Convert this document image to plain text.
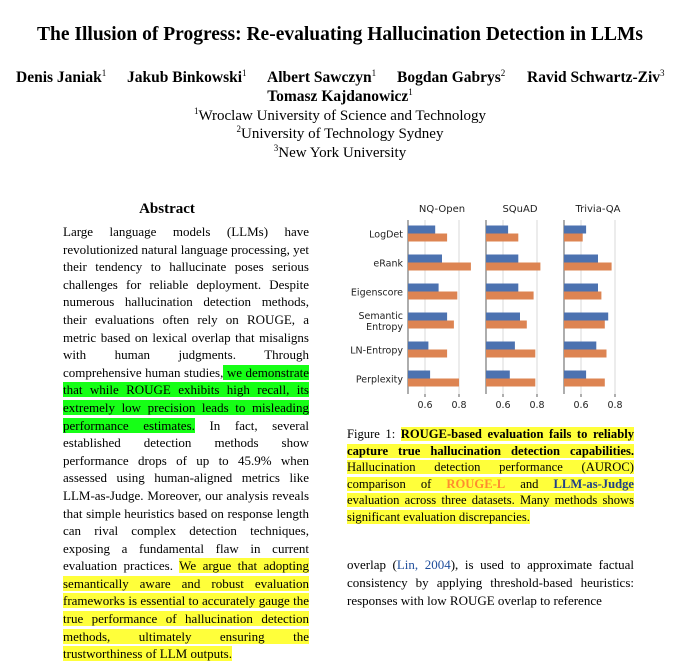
The Illusion of Progress: Re-evaluating Hallucination Detection in LLMs
Denis Janiak$^1$ Jakub Binkowski$^1$ Albert Sawczyn$^1$ Bogdan Gabrys$^2$ Ravid Schwartz-Ziv$^3$
Tomasz Kajdanowicz$^1$
$^1$Wroclaw University of Science and Technology
$^2$University of Technology Sydney
$^3$New York University
Abstract
Large language models (LLMs) have revolutionized natural language processing, yet their tendency to hallucinate poses serious challenges for reliable deployment. Despite numerous hallucination detection methods, their evaluations often rely on ROUGE, a metric based on lexical overlap that misaligns with human judgments. Through comprehensive human studies, we demonstrate that while ROUGE exhibits high recall, its extremely low precision leads to misleading performance estimates. In fact, several established detection methods show performance drops of up to 45.9% when assessed using human-aligned metrics like LLM-as-Judge. Moreover, our analysis reveals that simple heuristics based on response length can rival complex detection techniques, exposing a fundamental flaw in current evaluation practices. We argue that adopting semantically aware and robust evaluation frameworks is essential to accurately gauge the true performance of hallucination detection methods, ultimately ensuring the trustworthiness of LLM outputs.
NQ-Open
0.6 0.8
SQuAD
0.6 0.8
Trivia-QA
0.6 0.8
LogDet
eRank
Eigenscore
Semantic
Entropy
LN-Entropy
Perplexity
Figure 1: ROUGE-based evaluation fails to reliably capture true hallucination detection capabilities. Hallucination detection performance (AUROC) comparison of ROUGE-L and LLM-as-Judge evaluation across three datasets. Many methods shows significant evaluation discrepancies.
overlap (Lin, 2004), is used to approximate factual consistency by applying threshold-based heuristics: responses with low ROUGE overlap to reference
